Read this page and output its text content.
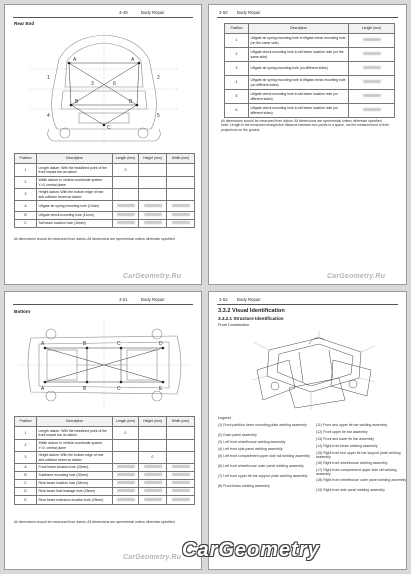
3-49	Body Repair
Rear End
A	A
B	B
C
1	2
4	5
3	6
Position	Description	Length (mm)	Height (mm)	Width (mm)
1	Length datum: With the headlined point of the front impact bar as datum	0		
2	Width datum: In vehicle coordinate system, Y=0, central plane			
3	Height datum: With the bottom edge of rear anti-collision beam as datum			
A	Liftgate air spring mounting hole (12mm)			
B	Liftgate check mounting hole (11mm)			
C	Tail beam location hole (16mm)			
All dimensions should be measured from datum. All dimensions are symmetrical unless otherwise specified.
CarGeometry.Ru
3-50 Body Repair
Position	Description	Length (mm)
1	Liftgate air spring mounting hole to liftgate check mounting hole (on the same side)	
2	Liftgate check mounting hole to tail beam location hole (on the same side)	
3	Liftgate air spring mounting hole (on different sides)	
4	Liftgate air spring mounting hole to liftgate check mounting hole (on different sides)	
5	Liftgate check mounting hole to tail beam location hole (on different sides)	
6	Liftgate check mounting hole to tail beam location hole (on different sides)	
All dimensions should be measured from datum. All dimensions are symmetrical unless otherwise specified.
Note: Length is the measured straight-line distance between two points in a space, not the measurement of their projections on the ground.
CarGeometry.Ru
3-51	Body Repair
Bottom
A	B	C	D
A	B	C	E
Position	Description	Length (mm)	Height (mm)	Width (mm)
1	Length datum: With the headlined point of the front impact bar as datum	0		
2	Width datum: In vehicle coordinate system, Y=0, central plane			
3	Height datum: With the bottom edge of rear anti-collision beam as datum		0	
A	Front beam location hole (20mm)			
B	Subframe mounting hole (20mm)			
C	Rear beam location hole (28mm)			
D	Rear beam fluid leakage hole (28mm)			
E	Rear beam extension location hole (29mm)			
All dimensions should be measured from datum. All dimensions are symmetrical unless otherwise specified.
CarGeometry.Ru
3-52 Body Repair
3.3.2 Visual Identification
3.3.2.1 Structure Identification
Front Construction
Legend
(1) Front partition lower mounting plate welding assembly
(2) Dash panel assembly
(3) Left front wheelhouse welding assembly
(4) Left front side panel welding assembly
(5) Left front compartment upper side rail welding assembly
(6) Left front wheelhouse outer panel welding assembly
(7) Left front upper tie bar support plate welding assembly
(8) Front beam welding assembly
(11) Front and upper tie bar welding assembly
(12) Front upper tie bar assembly
(13) Front and lower tie bar assembly
(14) Right front beam welding assembly
(15) Right front tool upper tie bar support plate welding assembly
(16) Right front wheelhouse welding assembly
(17) Right front compartment upper side rail welding assembly
(18) Right front wheelhouse outer panel welding assembly
(19) Right front side panel welding assembly
CarGeometry
